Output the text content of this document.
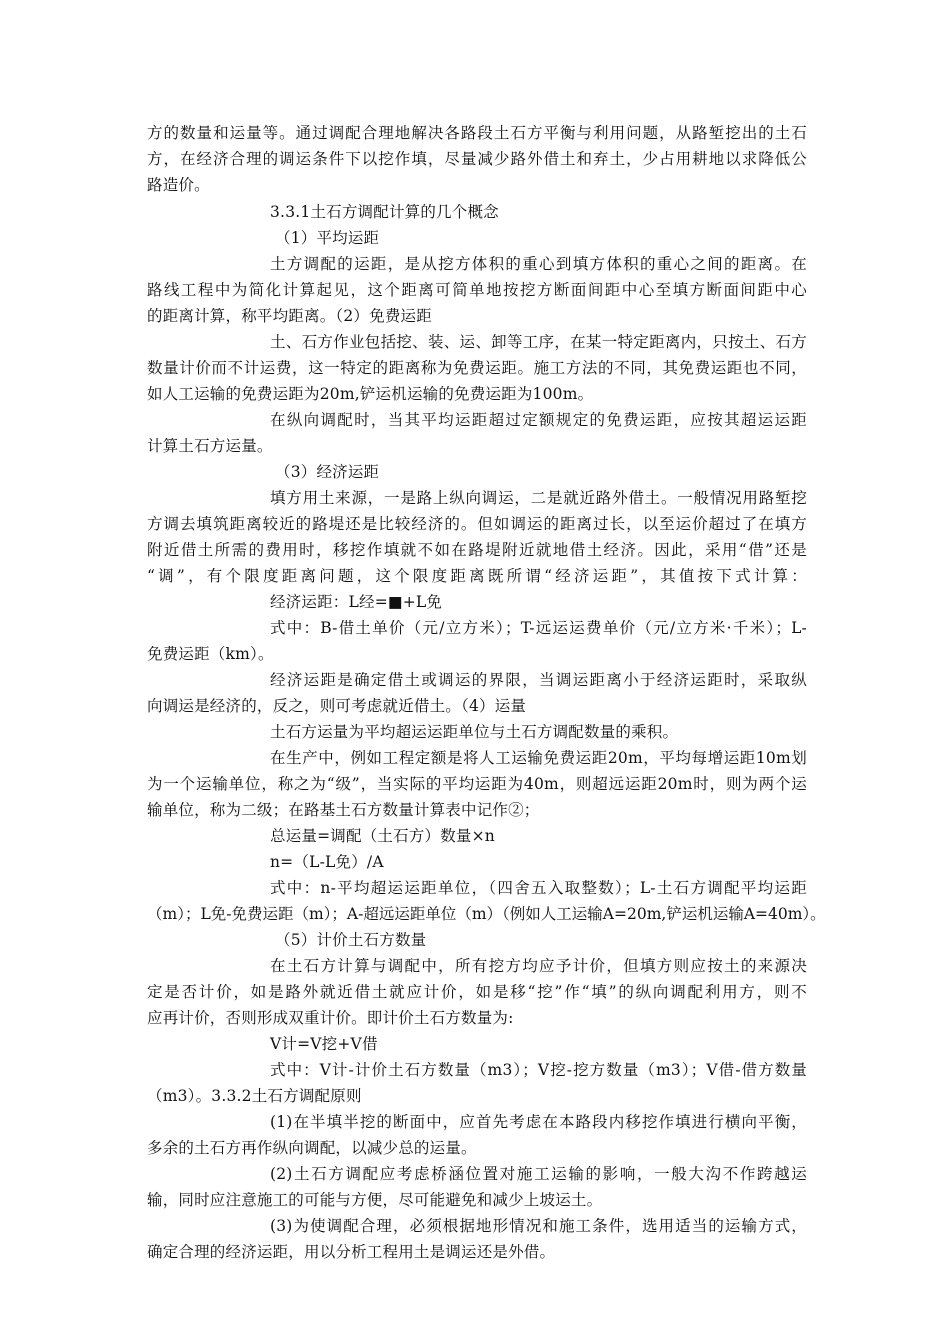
方的数量和运量等。通过调配合理地解决各路段土石方平衡与利用问题，从路堑挖出的土石
方，在经济合理的调运条件下以挖作填，尽量减少路外借土和弃土，少占用耕地以求降低公
路造价。
3.3.1土石方调配计算的几个概念
（1）平均运距
土方调配的运距，是从挖方体积的重心到填方体积的重心之间的距离。在
路线工程中为简化计算起见，这个距离可简单地按挖方断面间距中心至填方断面间距中心
的距离计算，称平均距离。（2）免费运距
土、石方作业包括挖、装、运、卸等工序，在某一特定距离内，只按土、石方
数量计价而不计运费，这一特定的距离称为免费运距。施工方法的不同，其免费运距也不同，
如人工运输的免费运距为20m,铲运机运输的免费运距为100m。
在纵向调配时，当其平均运距超过定额规定的免费运距，应按其超运运距
计算土石方运量。
（3）经济运距
填方用土来源，一是路上纵向调运，二是就近路外借土。一般情况用路堑挖
方调去填筑距离较近的路堤还是比较经济的。但如调运的距离过长，以至运价超过了在填方
附近借土所需的费用时，移挖作填就不如在路堤附近就地借土经济。因此，采用“借”还是
“调”，有个限度距离问题，这个限度距离既所谓“经济运距”，其值按下式计算：
经济运距：L经=■+L免
式中：B-借土单价（元/立方米）；T-远运运费单价（元/立方米·千米）；L-
免费运距（km）。
经济运距是确定借土或调运的界限，当调运距离小于经济运距时，采取纵
向调运是经济的，反之，则可考虑就近借土。（4）运量
土石方运量为平均超运运距单位与土石方调配数量的乘积。
在生产中，例如工程定额是将人工运输免费运距20m，平均每增运距10m划
为一个运输单位，称之为“级”，当实际的平均运距为40m，则超远运距20m时，则为两个运
输单位，称为二级；在路基土石方数量计算表中记作②；
总运量=调配（土石方）数量×n
n=（L-L免）/A
式中：n-平均超运运距单位，（四舍五入取整数）；L-土石方调配平均运距
（m）；L免-免费运距（m）；A-超远运距单位（m）（例如人工运输A=20m,铲运机运输A=40m）。
（5）计价土石方数量
在土石方计算与调配中，所有挖方均应予计价，但填方则应按土的来源决
定是否计价，如是路外就近借土就应计价，如是移“挖”作“填”的纵向调配利用方，则不
应再计价，否则形成双重计价。即计价土石方数量为:
V计=V挖+V借
式中：V计-计价土石方数量（m3）；V挖-挖方数量（m3）；V借-借方数量
（m3）。3.3.2土石方调配原则
(1)在半填半挖的断面中，应首先考虑在本路段内移挖作填进行横向平衡，
多余的土石方再作纵向调配，以减少总的运量。
(2)土石方调配应考虑桥涵位置对施工运输的影响，一般大沟不作跨越运
输，同时应注意施工的可能与方便，尽可能避免和减少上坡运土。
(3)为使调配合理，必须根据地形情况和施工条件，选用适当的运输方式，
确定合理的经济运距，用以分析工程用土是调运还是外借。
